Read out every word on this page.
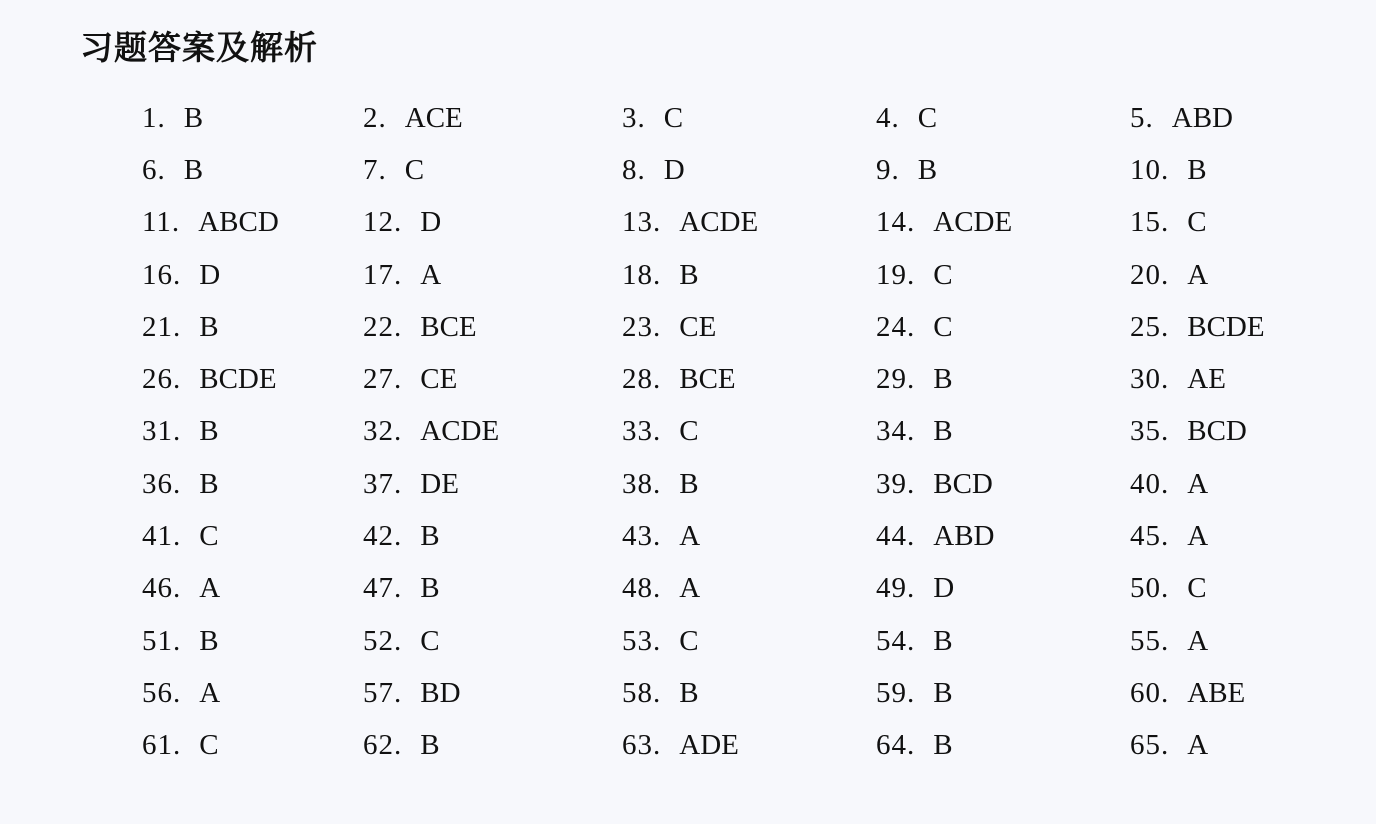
习题答案及解析
1. B	2. ACE	3. C	4. C	5. ABD
6. B	7. C	8. D	9. B	10. B
11. ABCD	12. D	13. ACDE	14. ACDE	15. C
16. D	17. A	18. B	19. C	20. A
21. B	22. BCE	23. CE	24. C	25. BCDE
26. BCDE	27. CE	28. BCE	29. B	30. AE
31. B	32. ACDE	33. C	34. B	35. BCD
36. B	37. DE	38. B	39. BCD	40. A
41. C	42. B	43. A	44. ABD	45. A
46. A	47. B	48. A	49. D	50. C
51. B	52. C	53. C	54. B	55. A
56. A	57. BD	58. B	59. B	60. ABE
61. C	62. B	63. ADE	64. B	65. A
